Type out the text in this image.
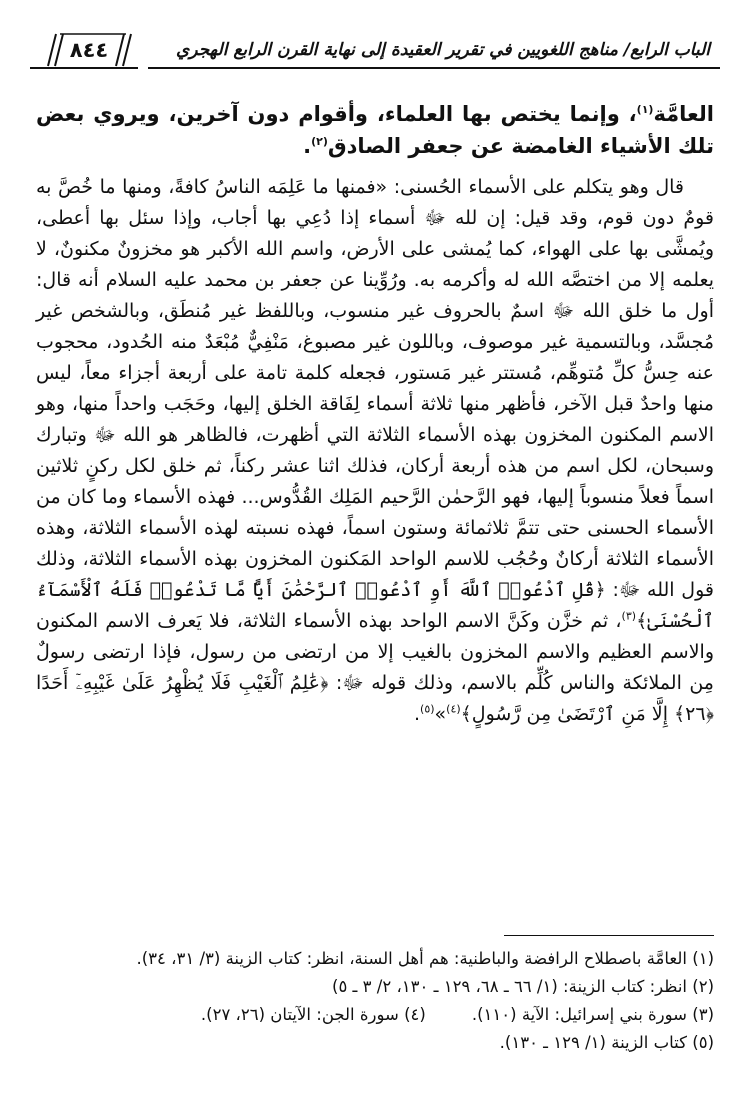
الباب الرابع/ مناهج اللغويين في تقرير العقيدة إلى نهاية القرن الرابع الهجري
٨٤٤

العامَّة$^{(١)}$، وإنما يختص بها العلماء، وأقوام دون آخرين، ويروي بعض تلك الأشياء الغامضة عن جعفر الصادق$^{(٢)}$.

قال وهو يتكلم على الأسماء الحُسنى: «فمنها ما عَلِمَه الناسُ كافةً، ومنها ما خُصَّ به قومٌ دون قوم، وقد قيل: إن لله ﷻ أسماء إذا دُعِي بها أجاب، وإذا سئل بها أعطى، ويُمشَّى بها على الهواء، كما يُمشى على الأرض، واسم الله الأكبر هو مخزونٌ مكنونٌ، لا يعلمه إلا من اختصَّه الله له وأكرمه به. ورُوِّينا عن جعفر بن محمد عليه السلام أنه قال: أول ما خلق الله ﷻ اسمٌ بالحروف غير منسوب، وباللفظ غير مُنطَق، وبالشخص غير مُجسَّد، وبالتسمية غير موصوف، وباللون غير مصبوغ، مَنْفِيٌّ مُبْعَدٌ منه الحُدود، محجوب عنه حِسُّ كلِّ مُتوهِّم، مُستتر غير مَستور، فجعله كلمة تامة على أربعة أجزاء معاً، ليس منها واحدٌ قبل الآخر، فأظهر منها ثلاثة أسماء لِفَاقة الخلق إليها، وحَجَب واحداً منها، وهو الاسم المكنون المخزون بهذه الأسماء الثلاثة التي أظهرت، فالظاهر هو الله ﷻ وتبارك وسبحان، لكل اسم من هذه أربعة أركان، فذلك اثنا عشر ركناً، ثم خلق لكل ركنٍ ثلاثين اسماً فعلاً منسوباً إليها، فهو الرَّحمٰن الرَّحيم المَلِك القُدُّوس... فهذه الأسماء وما كان من الأسماء الحسنى حتى تتمَّ ثلاثمائة وستون اسماً، فهذه نسبته لهذه الأسماء الثلاثة، وهذه الأسماء الثلاثة أركانٌ وحُجُب للاسم الواحد المَكنون المخزون بهذه الأسماء الثلاثة، وذلك قول الله ﷻ: ﴿قُلِ ٱدْعُوا۟ ٱللَّهَ أَوِ ٱدْعُوا۟ ٱلرَّحْمَٰنَ أَيًّا مَّا تَدْعُوا۟ فَلَهُ ٱلْأَسْمَآءُ ٱلْحُسْنَىٰ﴾$^{(٣)}$، ثم خزَّن وكَنَّ الاسم الواحد بهذه الأسماء الثلاثة، فلا يَعرف الاسم المكنون والاسم العظيم والاسم المخزون بالغيب إلا من ارتضى من رسول، فإذا ارتضى رسولٌ مِن الملائكة والناس كُلِّم بالاسم، وذلك قوله ﷻ: ﴿عَٰلِمُ ٱلْغَيْبِ فَلَا يُظْهِرُ عَلَىٰ غَيْبِهِۦٓ أَحَدًا ﴿٢٦﴾ إِلَّا مَنِ ٱرْتَضَىٰ مِن رَّسُولٍ﴾$^{(٤)}$»$^{(٥)}$.

(١) العامَّة باصطلاح الرافضة والباطنية: هم أهل السنة، انظر: كتاب الزينة (٣/ ٣١، ٣٤).

(٢) انظر: كتاب الزينة: (١/ ٦٦ ـ ٦٨، ١٢٩ ـ ١٣٠، ٢/ ٣ ـ ٥)

(٣) سورة بني إسرائيل: الآية (١١٠).
(٤) سورة الجن: الآيتان (٢٦، ٢٧).

(٥) كتاب الزينة (١/ ١٢٩ ـ ١٣٠).
